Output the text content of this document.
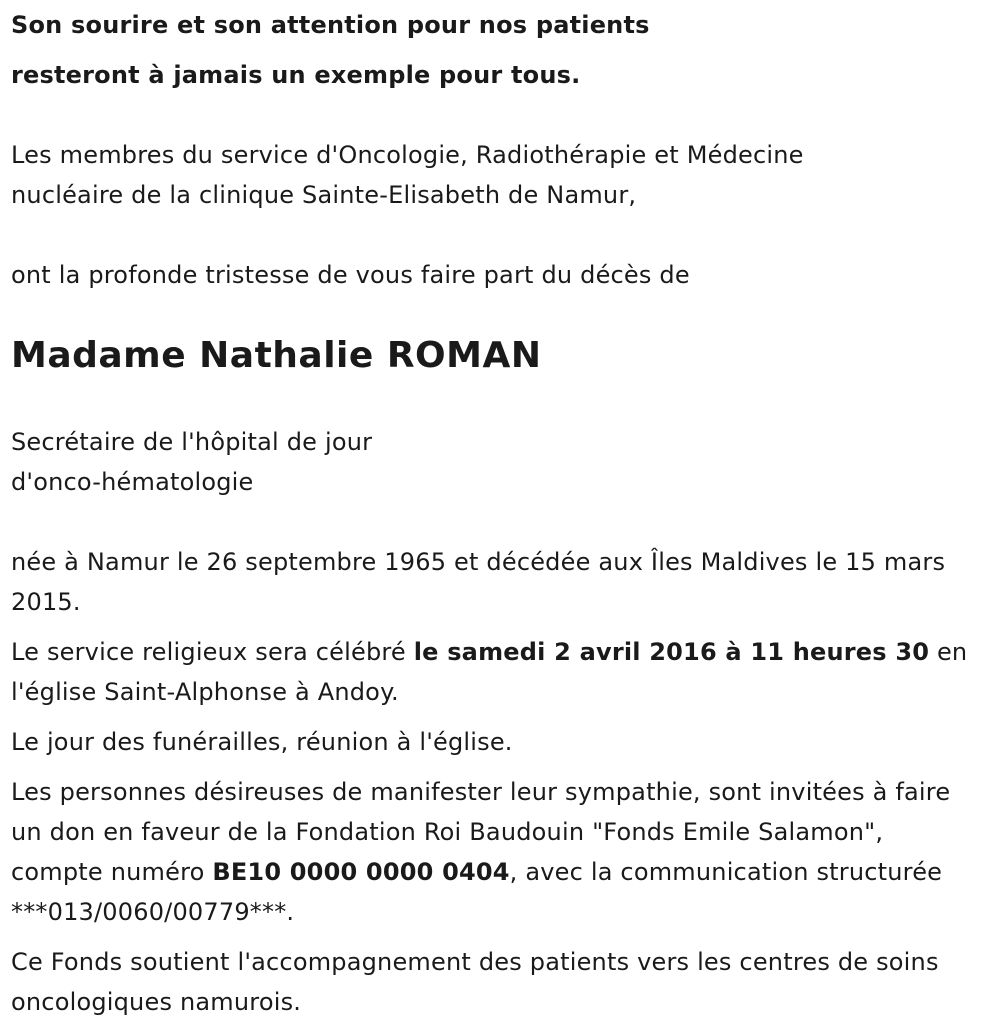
Son sourire et son attention pour nos patients
resteront à jamais un exemple pour tous.
Les membres du service d'Oncologie, Radiothérapie et Médecine
nucléaire de la clinique Sainte-Elisabeth de Namur,

ont la profonde tristesse de vous faire part du décès de

Madame Nathalie ROMAN
Secrétaire de l'hôpital de jour
d'onco-hématologie

née à Namur le 26 septembre 1965 et décédée aux Îles Maldives le 15 mars 2015.

Le service religieux sera célébré le samedi 2 avril 2016 à 11 heures 30 en l'église Saint-Alphonse à Andoy.

Le jour des funérailles, réunion à l'église.

Les personnes désireuses de manifester leur sympathie, sont invitées à faire un don en faveur de la Fondation Roi Baudouin "Fonds Emile Salamon", compte numéro BE10 0000 0000 0404, avec la communication structurée ***013/0060/00779***.

Ce Fonds soutient l'accompagnement des patients vers les centres de soins oncologiques namurois.
